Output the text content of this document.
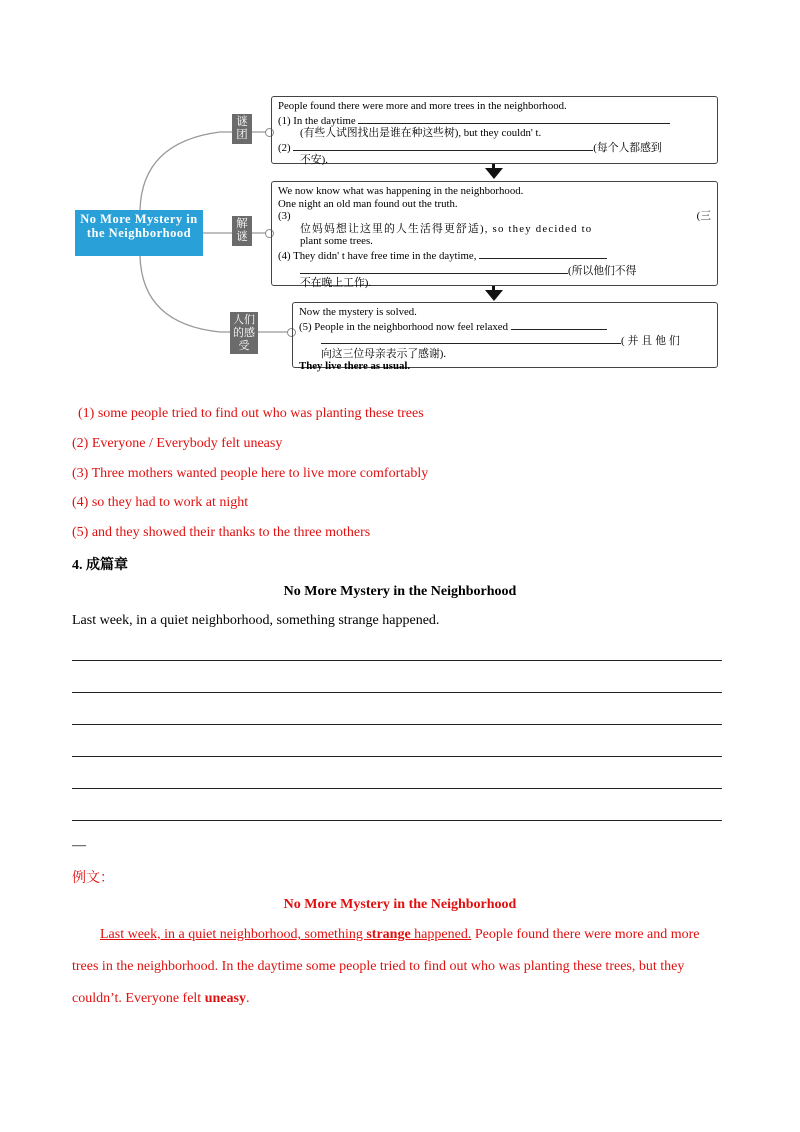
No More Mystery in the Neighborhood
谜团
解谜
人们的感受
People found there were more and more trees in the neighborhood.
(1) In the daytime
(有些人试图找出是谁在种这些树), but they couldn' t.
(2)	(每个人都感到
不安).
We now know what was happening in the neighborhood.
One night an old man found out the truth.
(3)	(三
位妈妈想让这里的人生活得更舒适), so they decided to
plant some trees.
(4) They didn' t have free time in the daytime,
(所以他们不得
不在晚上工作).
Now the mystery is solved.
(5) People in the neighborhood now feel relaxed
(并且他们
向这三位母亲表示了感谢).
They live there as usual.
(1) some people tried to find out who was planting these trees
(2) Everyone / Everybody felt uneasy
(3) Three mothers wanted people here to live more comfortably
(4) so they had to work at night
(5) and they showed their thanks to the three mothers
4. 成篇章
No More Mystery in the Neighborhood
Last week, in a quiet neighborhood, something strange happened.
—
例文：
No More Mystery in the Neighborhood
Last week, in a quiet neighborhood, something strange happened. People found there were more and more
trees in the neighborhood. In the daytime some people tried to find out who was planting these trees, but they
couldn’t. Everyone felt uneasy.
